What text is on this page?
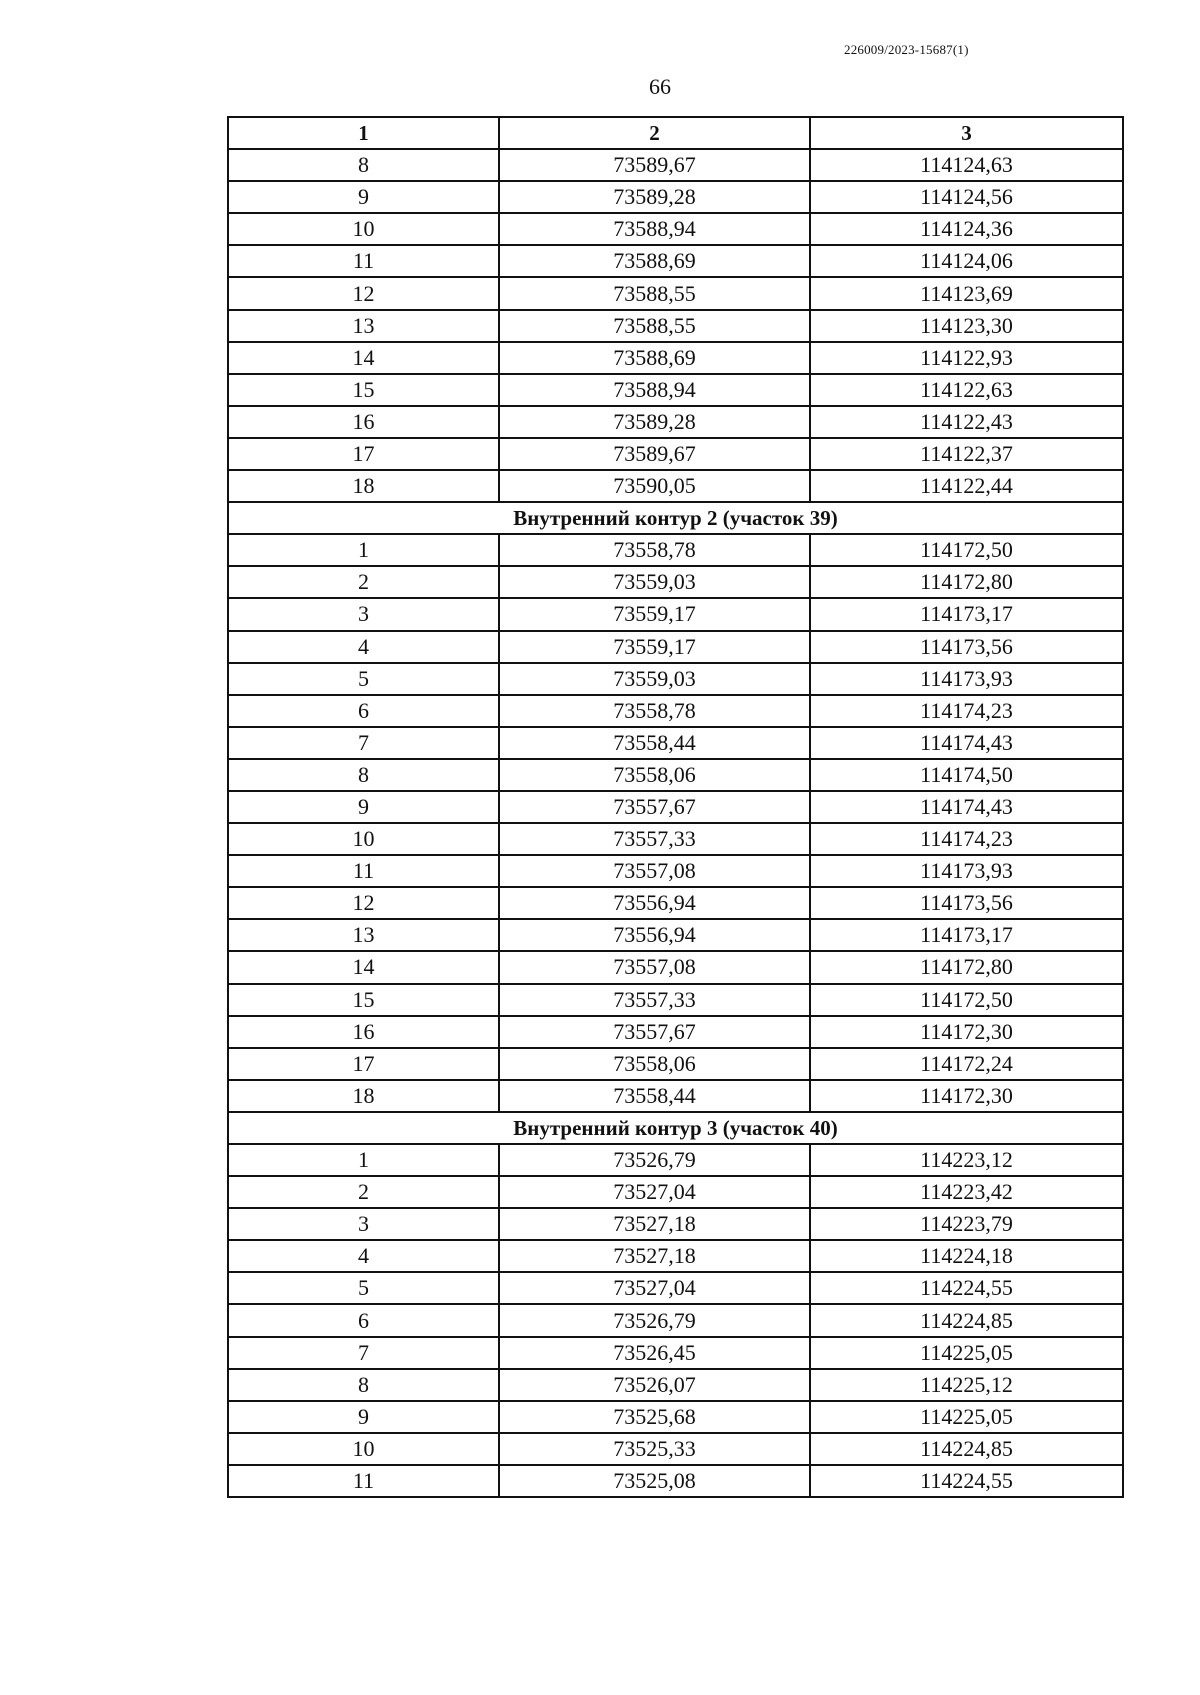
226009/2023-15687(1)
66
1	2	3
8	73589,67	114124,63
9	73589,28	114124,56
10	73588,94	114124,36
11	73588,69	114124,06
12	73588,55	114123,69
13	73588,55	114123,30
14	73588,69	114122,93
15	73588,94	114122,63
16	73589,28	114122,43
17	73589,67	114122,37
18	73590,05	114122,44
Внутренний контур 2 (участок 39)		
1	73558,78	114172,50
2	73559,03	114172,80
3	73559,17	114173,17
4	73559,17	114173,56
5	73559,03	114173,93
6	73558,78	114174,23
7	73558,44	114174,43
8	73558,06	114174,50
9	73557,67	114174,43
10	73557,33	114174,23
11	73557,08	114173,93
12	73556,94	114173,56
13	73556,94	114173,17
14	73557,08	114172,80
15	73557,33	114172,50
16	73557,67	114172,30
17	73558,06	114172,24
18	73558,44	114172,30
Внутренний контур 3 (участок 40)		
1	73526,79	114223,12
2	73527,04	114223,42
3	73527,18	114223,79
4	73527,18	114224,18
5	73527,04	114224,55
6	73526,79	114224,85
7	73526,45	114225,05
8	73526,07	114225,12
9	73525,68	114225,05
10	73525,33	114224,85
11	73525,08	114224,55
